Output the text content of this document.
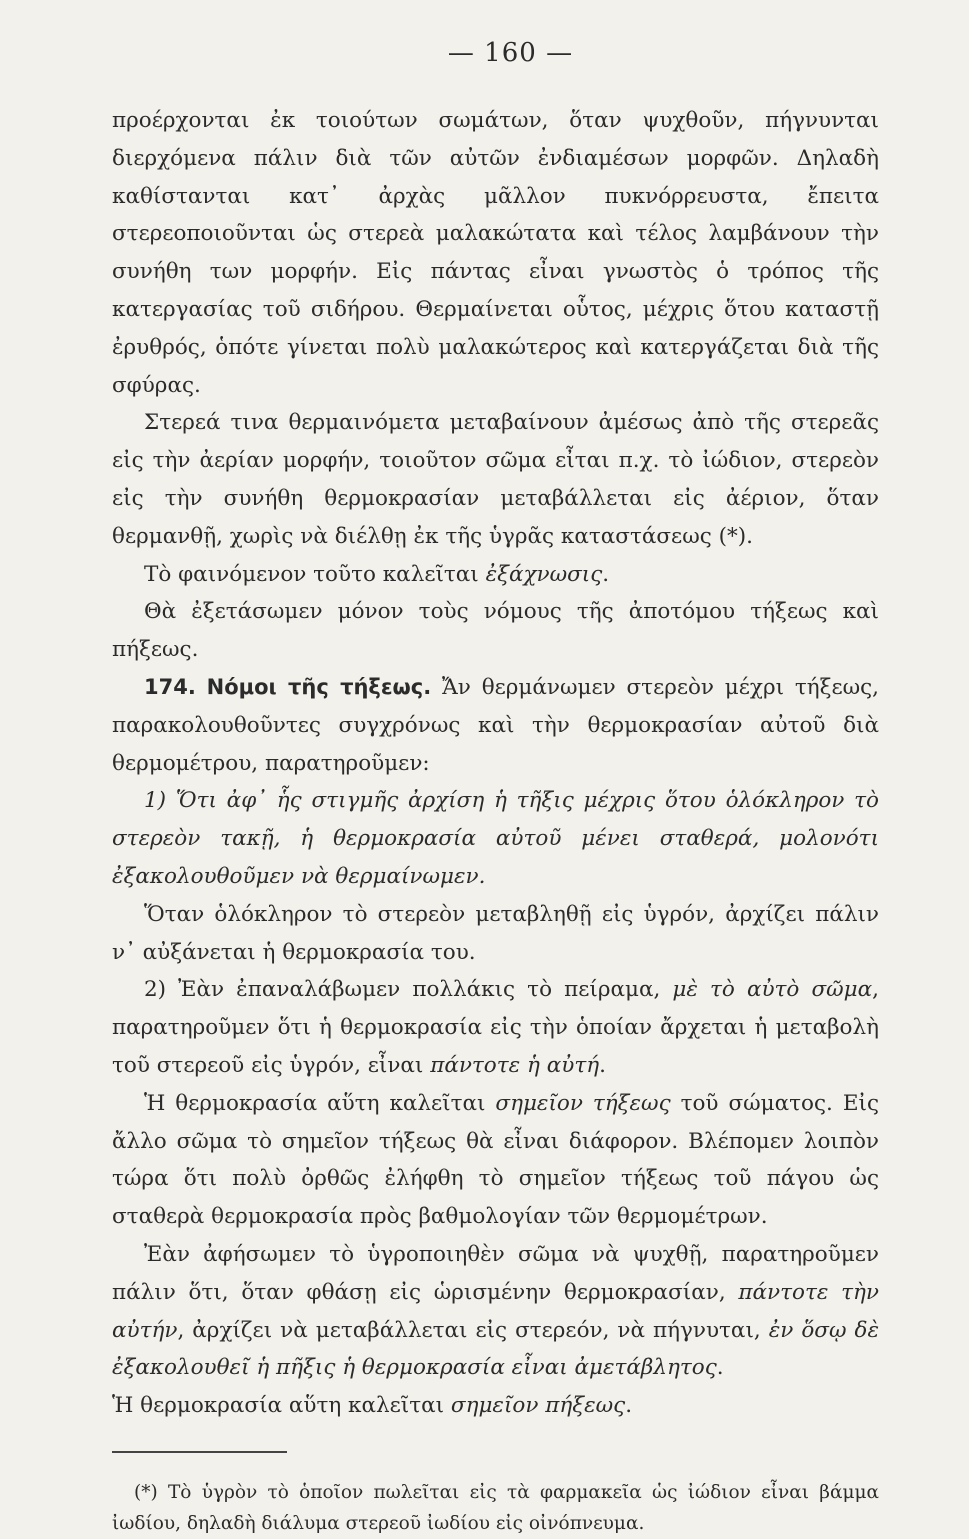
— 160 —

προέρχονται ἐκ τοιούτων σωμάτων, ὅταν ψυχθοῦν, πήγνυνται διερχόμενα πάλιν διὰ τῶν αὐτῶν ἐνδιαμέσων μορφῶν. Δηλαδὴ καθίστανται κατ᾽ ἀρχὰς μᾶλλον πυκνόρρευστα, ἔπειτα στερεοποιοῦνται ὡς στερεὰ μαλακώτατα καὶ τέλος λαμβάνουν τὴν συνήθη των μορφήν. Εἰς πάντας εἶναι γνωστὸς ὁ τρόπος τῆς κατεργασίας τοῦ σιδήρου. Θερμαίνεται οὗτος, μέχρις ὅτου καταστῇ ἐρυθρός, ὁπότε γίνεται πολὺ μαλακώτερος καὶ κατεργάζεται διὰ τῆς σφύρας.

Στερεά τινα θερμαινόμετα μεταβαίνουν ἀμέσως ἀπὸ τῆς στερεᾶς εἰς τὴν ἀερίαν μορφήν, τοιοῦτον σῶμα εἶται π.χ. τὸ ἰώδιον, στερεὸν εἰς τὴν συνήθη θερμοκρασίαν μεταβάλλεται εἰς ἀέριον, ὅταν θερμανθῇ, χωρὶς νὰ διέλθῃ ἐκ τῆς ὑγρᾶς καταστάσεως (*).

Τὸ φαινόμενον τοῦτο καλεῖται ἐξάχνωσις.

Θὰ ἐξετάσωμεν μόνον τοὺς νόμους τῆς ἀποτόμου τήξεως καὶ πήξεως.

174. Νόμοι τῆς τήξεως. Ἄν θερμάνωμεν στερεὸν μέχρι τήξεως, παρακολουθοῦντες συγχρόνως καὶ τὴν θερμοκρασίαν αὐτοῦ διὰ θερμομέτρου, παρατηροῦμεν:

1) Ὅτι ἀφ᾽ ἧς στιγμῆς ἀρχίση ἡ τῆξις μέχρις ὅτου ὁλόκληρον τὸ στερεὸν τακῇ, ἡ θερμοκρασία αὐτοῦ μένει σταθερά, μολονότι ἐξακολουθοῦμεν νὰ θερμαίνωμεν.

Ὅταν ὁλόκληρον τὸ στερεὸν μεταβληθῇ εἰς ὑγρόν, ἀρχίζει πάλιν ν᾽ αὐξάνεται ἡ θερμοκρασία του.

2) Ἐὰν ἐπαναλάβωμεν πολλάκις τὸ πείραμα, μὲ τὸ αὐτὸ σῶμα, παρατηροῦμεν ὅτι ἡ θερμοκρασία εἰς τὴν ὁποίαν ἄρχεται ἡ μεταβολὴ τοῦ στερεοῦ εἰς ὑγρόν, εἶναι πάντοτε ἡ αὐτή.

Ἡ θερμοκρασία αὕτη καλεῖται σημεῖον τήξεως τοῦ σώματος. Εἰς ἄλλο σῶμα τὸ σημεῖον τήξεως θὰ εἶναι διάφορον. Βλέπομεν λοιπὸν τώρα ὅτι πολὺ ὀρθῶς ἐλήφθη τὸ σημεῖον τήξεως τοῦ πάγου ὡς σταθερὰ θερμοκρασία πρὸς βαθμολογίαν τῶν θερμομέτρων.

Ἐὰν ἀφήσωμεν τὸ ὑγροποιηθὲν σῶμα νὰ ψυχθῇ, παρατηροῦμεν πάλιν ὅτι, ὅταν φθάσῃ εἰς ὡρισμένην θερμοκρασίαν, πάντοτε τὴν αὐτήν, ἀρχίζει νὰ μεταβάλλεται εἰς στερεόν, νὰ πήγνυται, ἐν ὅσῳ δὲ ἐξακολουθεῖ ἡ πῆξις ἡ θερμοκρασία εἶναι ἀμετάβλητος.

Ἡ θερμοκρασία αὕτη καλεῖται σημεῖον πήξεως.

(*) Τὸ ὑγρὸν τὸ ὁποῖον πωλεῖται εἰς τὰ φαρμακεῖα ὡς ἰώδιον εἶναι βάμμα ἰωδίου, δηλαδὴ διάλυμα στερεοῦ ἰωδίου εἰς οἰνόπνευμα.
